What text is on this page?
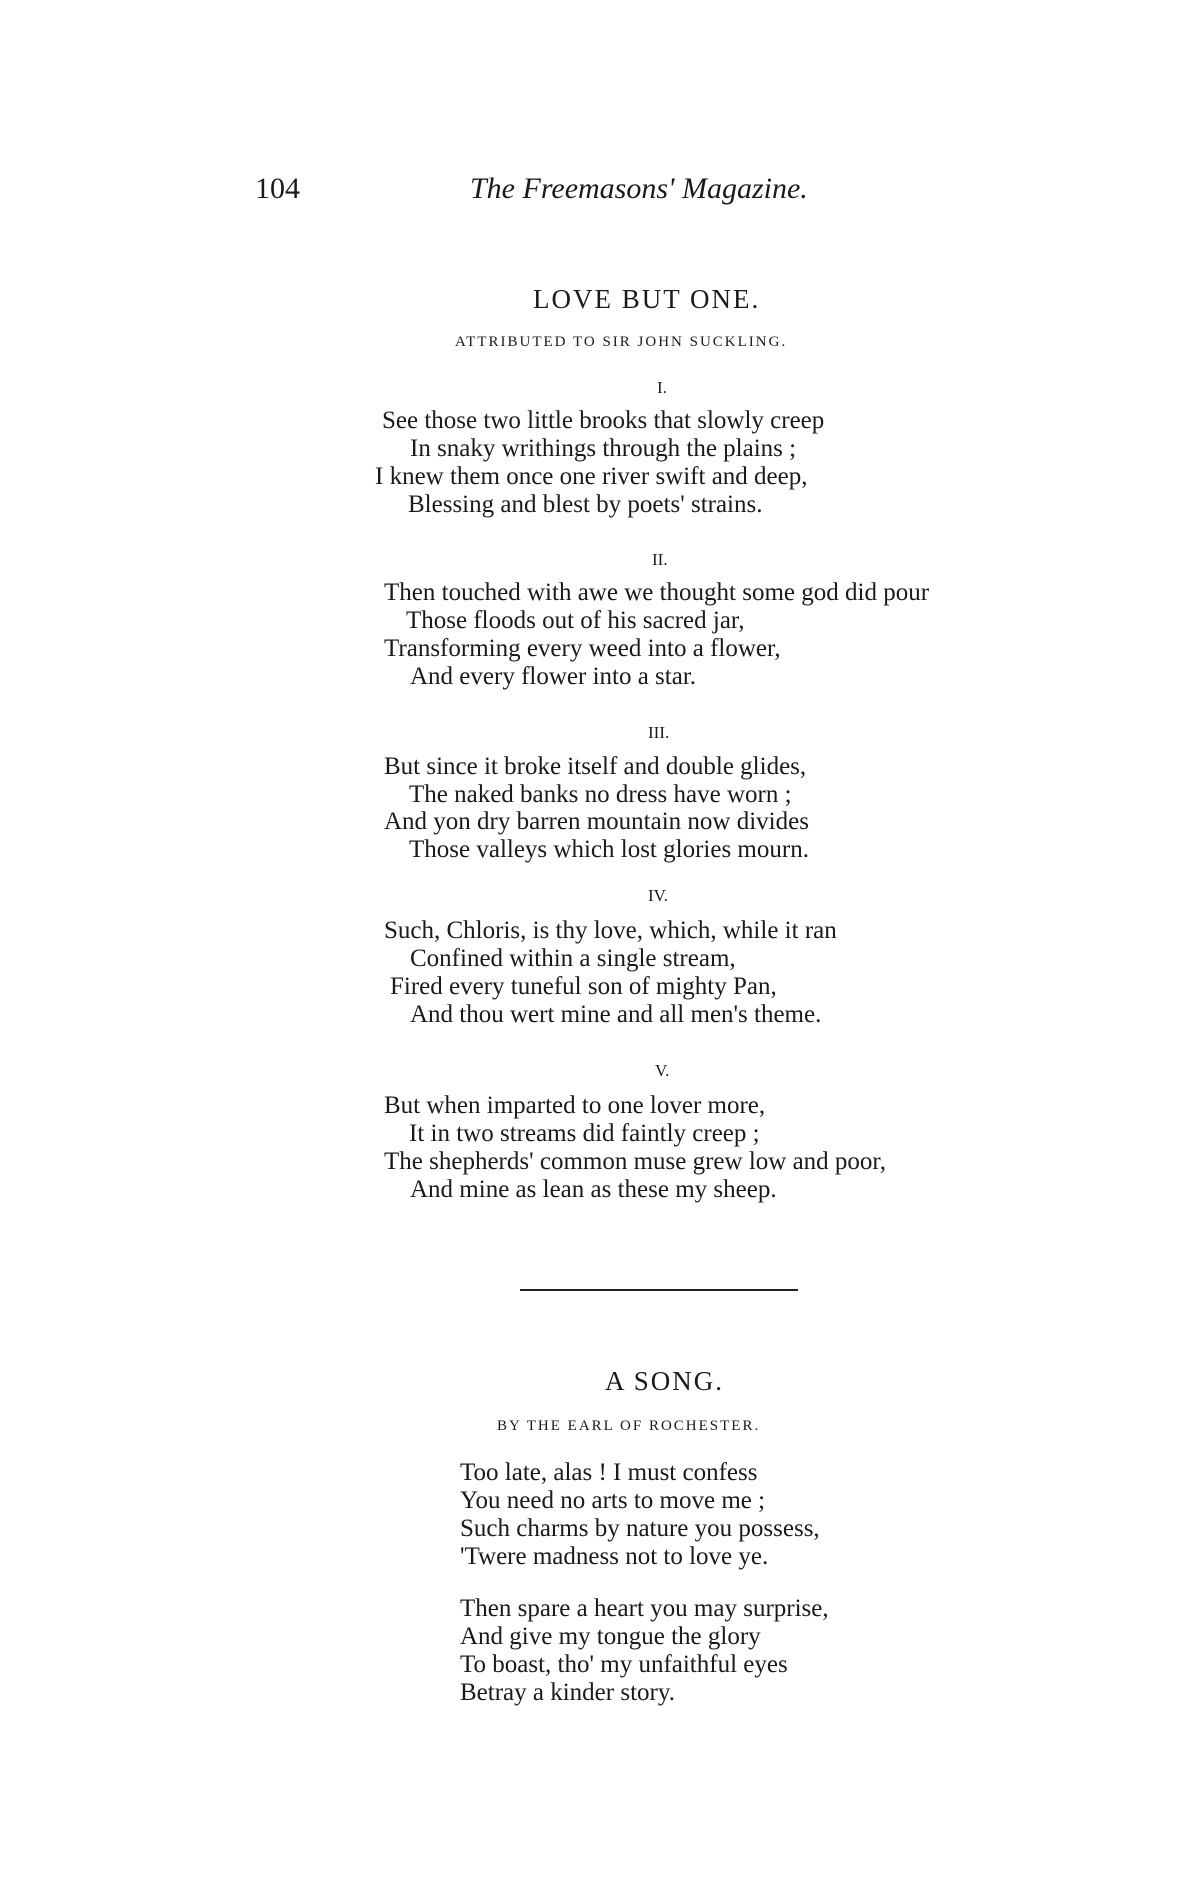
104	The Freemasons' Magazine.
LOVE BUT ONE.
ATTRIBUTED TO SIR JOHN SUCKLING.
I.
See those two little brooks that slowly creep
In snaky writhings through the plains ;
I knew them once one river swift and deep,
Blessing and blest by poets' strains.
II.
Then touched with awe we thought some god did pour
Those floods out of his sacred jar,
Transforming every weed into a flower,
And every flower into a star.
III.
But since it broke itself and double glides,
The naked banks no dress have worn ;
And yon dry barren mountain now divides
Those valleys which lost glories mourn.
IV.
Such, Chloris, is thy love, which, while it ran
Confined within a single stream,
Fired every tuneful son of mighty Pan,
And thou wert mine and all men's theme.
V.
But when imparted to one lover more,
It in two streams did faintly creep ;
The shepherds' common muse grew low and poor,
And mine as lean as these my sheep.
A SONG.
BY THE EARL OF ROCHESTER.
Too late, alas ! I must confess
You need no arts to move me ;
Such charms by nature you possess,
'Twere madness not to love ye.
Then spare a heart you may surprise,
And give my tongue the glory
To boast, tho' my unfaithful eyes
Betray a kinder story.
